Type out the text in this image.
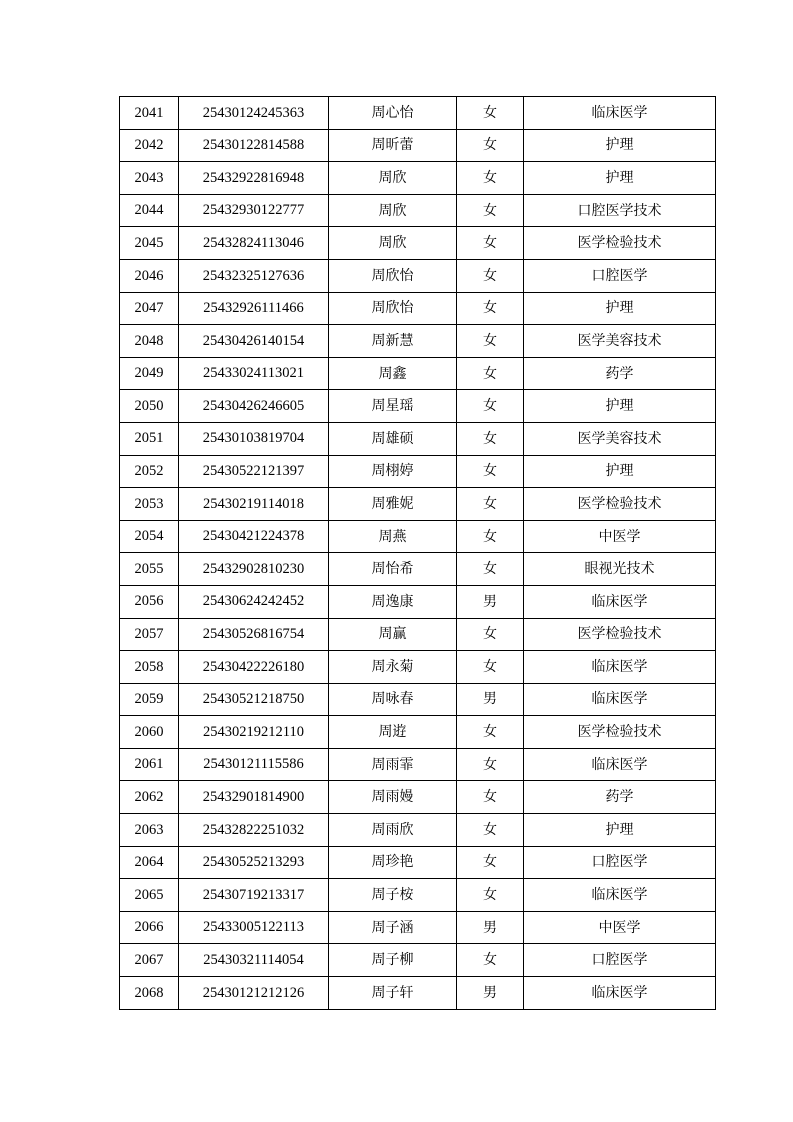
2041	25430124245363	周心怡	女	临床医学
2042	25430122814588	周昕蕾	女	护理
2043	25432922816948	周欣	女	护理
2044	25432930122777	周欣	女	口腔医学技术
2045	25432824113046	周欣	女	医学检验技术
2046	25432325127636	周欣怡	女	口腔医学
2047	25432926111466	周欣怡	女	护理
2048	25430426140154	周新慧	女	医学美容技术
2049	25433024113021	周鑫	女	药学
2050	25430426246605	周星瑶	女	护理
2051	25430103819704	周雄硕	女	医学美容技术
2052	25430522121397	周栩婷	女	护理
2053	25430219114018	周雅妮	女	医学检验技术
2054	25430421224378	周燕	女	中医学
2055	25432902810230	周怡希	女	眼视光技术
2056	25430624242452	周逸康	男	临床医学
2057	25430526816754	周赢	女	医学检验技术
2058	25430422226180	周永菊	女	临床医学
2059	25430521218750	周咏春	男	临床医学
2060	25430219212110	周逰	女	医学检验技术
2061	25430121115586	周雨霏	女	临床医学
2062	25432901814900	周雨嫚	女	药学
2063	25432822251032	周雨欣	女	护理
2064	25430525213293	周珍艳	女	口腔医学
2065	25430719213317	周子桉	女	临床医学
2066	25433005122113	周子涵	男	中医学
2067	25430321114054	周子柳	女	口腔医学
2068	25430121212126	周子轩	男	临床医学
